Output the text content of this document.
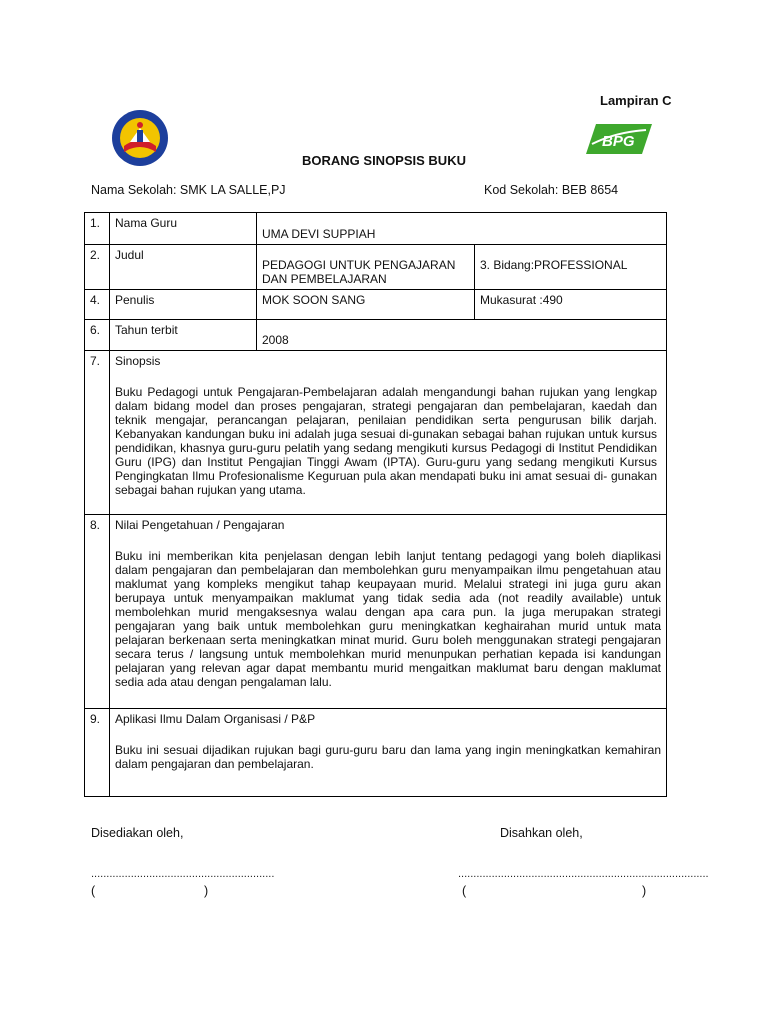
Lampiran C
BPG
BORANG SINOPSIS BUKU
Nama Sekolah: SMK LA SALLE,PJ	Kod Sekolah: BEB 8654
1.	Nama Guru	UMA DEVI SUPPIAH	
2.	Judul	PEDAGOGI UNTUK PENGAJARAN DAN PEMBELAJARAN	3. Bidang:PROFESSIONAL
4.	Penulis	MOK SOON SANG	Mukasurat :490
6.	Tahun terbit	2008	
7.	Sinopsis

Buku Pedagogi untuk Pengajaran-Pembelajaran adalah mengandungi bahan rujukan yang lengkap dalam bidang model dan proses pengajaran, strategi pengajaran dan pembelajaran, kaedah dan teknik mengajar, perancangan pelajaran, penilaian pendidikan serta pengurusan bilik darjah. Kebanyakan kandungan buku ini adalah juga sesuai di-gunakan sebagai bahan rujukan untuk kursus pendidikan, khasnya guru-guru pelatih yang sedang mengikuti kursus Pedagogi di Institut Pendidikan Guru (IPG) dan Institut Pengajian Tinggi Awam (IPTA). Guru-guru yang sedang mengikuti Kursus Pengingkatan Ilmu Profesionalisme Keguruan pula akan mendapati buku ini amat sesuai di- gunakan sebagai bahan rujukan yang utama.		

8.	Nilai Pengetahuan / Pengajaran

Buku ini memberikan kita penjelasan dengan lebih lanjut tentang pedagogi yang boleh diaplikasi dalam pengajaran dan pembelajaran dan membolehkan guru menyampaikan ilmu pengetahuan atau maklumat yang kompleks mengikut tahap keupayaan murid. Melalui strategi ini juga guru akan berupaya untuk menyampaikan maklumat yang tidak sedia ada (not readily available) untuk membolehkan murid mengaksesnya walau dengan apa cara pun. Ia juga merupakan strategi pengajaran yang baik untuk membolehkan guru meningkatkan keghairahan murid untuk mata pelajaran berkenaan serta meningkatkan minat murid. Guru boleh menggunakan strategi pengajaran secara terus / langsung untuk membolehkan murid menunpukan perhatian kepada isi kandungan pelajaran yang relevan agar dapat membantu murid mengaitkan maklumat baru dengan maklumat sedia ada atau dengan pengalaman lalu.		

9.	Aplikasi Ilmu Dalam Organisasi / P&P

Buku ini sesuai dijadikan rujukan bagi guru-guru baru dan lama yang ingin meningkatkan kemahiran dalam pengajaran dan pembelajaran.		

Disediakan oleh,	Disahkan oleh,
............................................................	..................................................................................
(	)	(	)
